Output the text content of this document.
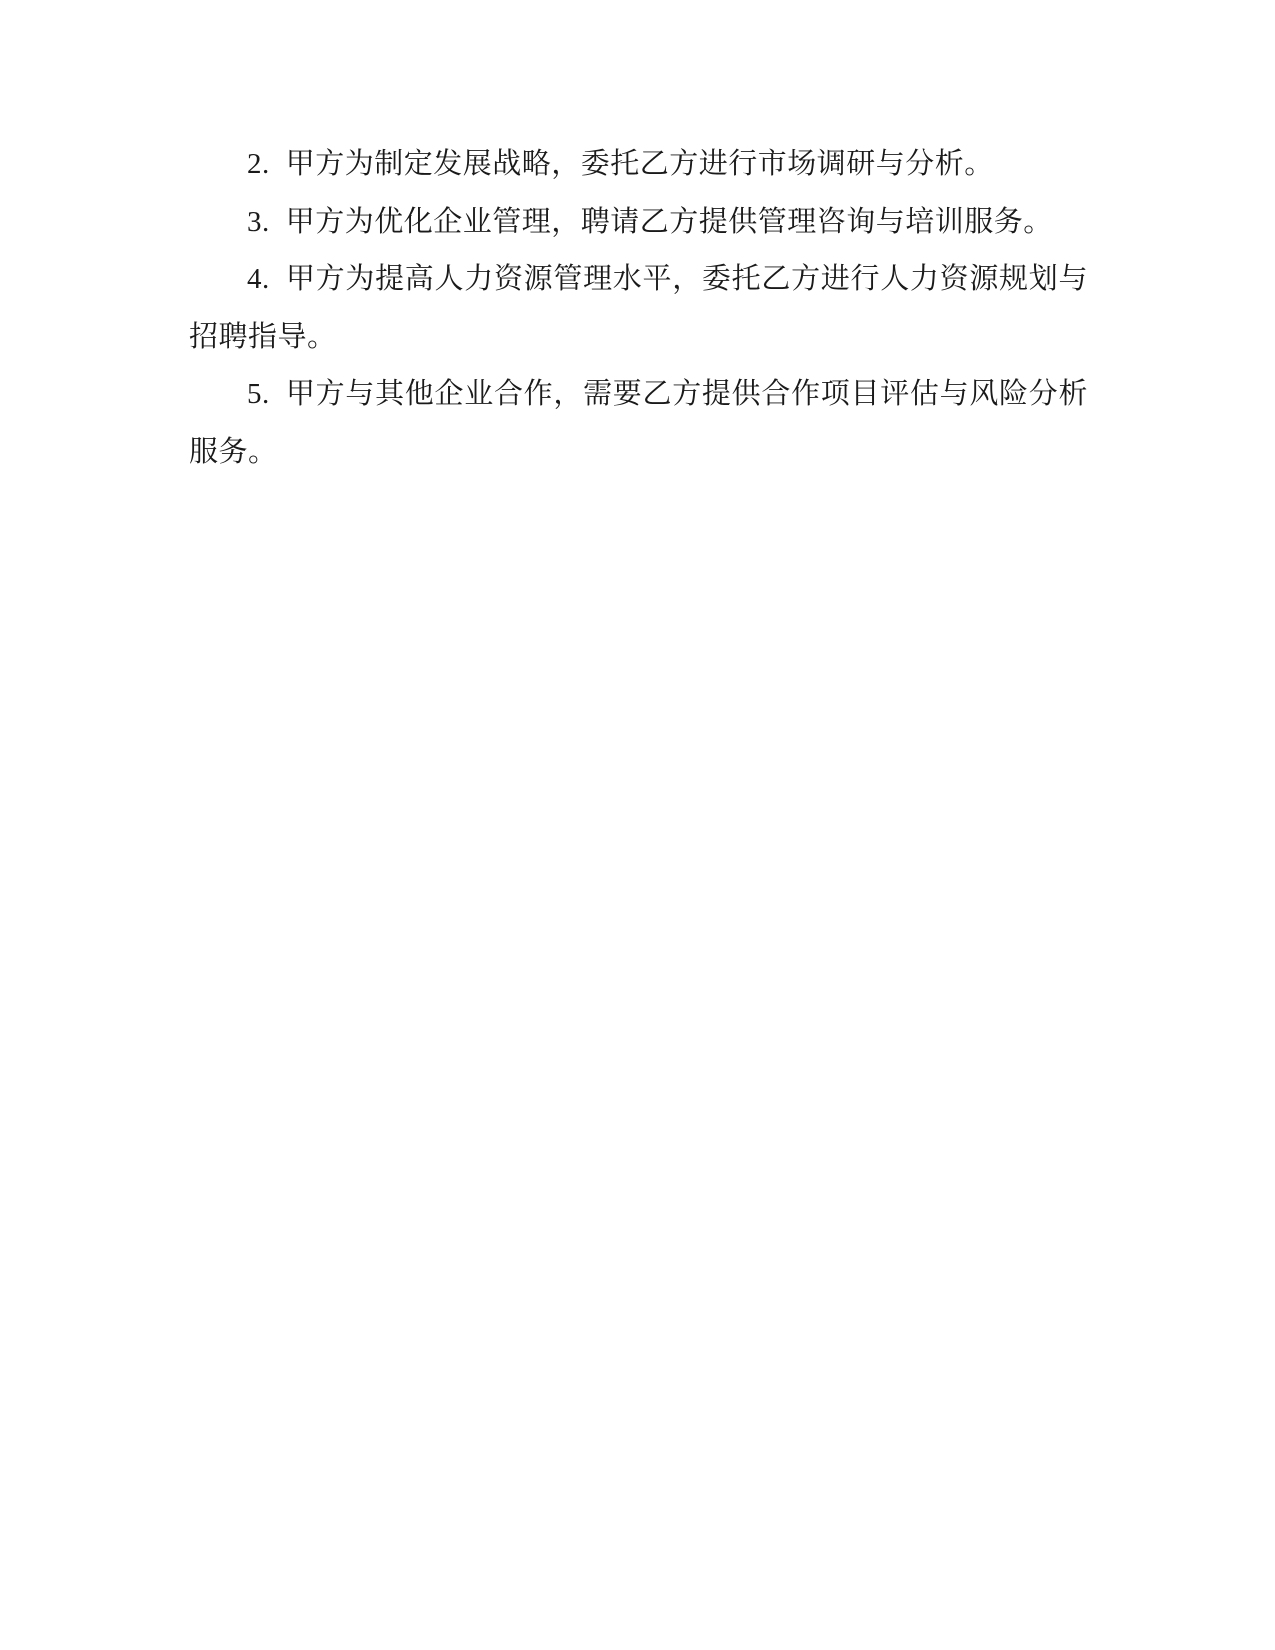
2. 甲方为制定发展战略，委托乙方进行市场调研与分析。

3. 甲方为优化企业管理，聘请乙方提供管理咨询与培训服务。

4. 甲方为提高人力资源管理水平，委托乙方进行人力资源规划与

招聘指导。

5. 甲方与其他企业合作，需要乙方提供合作项目评估与风险分析

服务。
